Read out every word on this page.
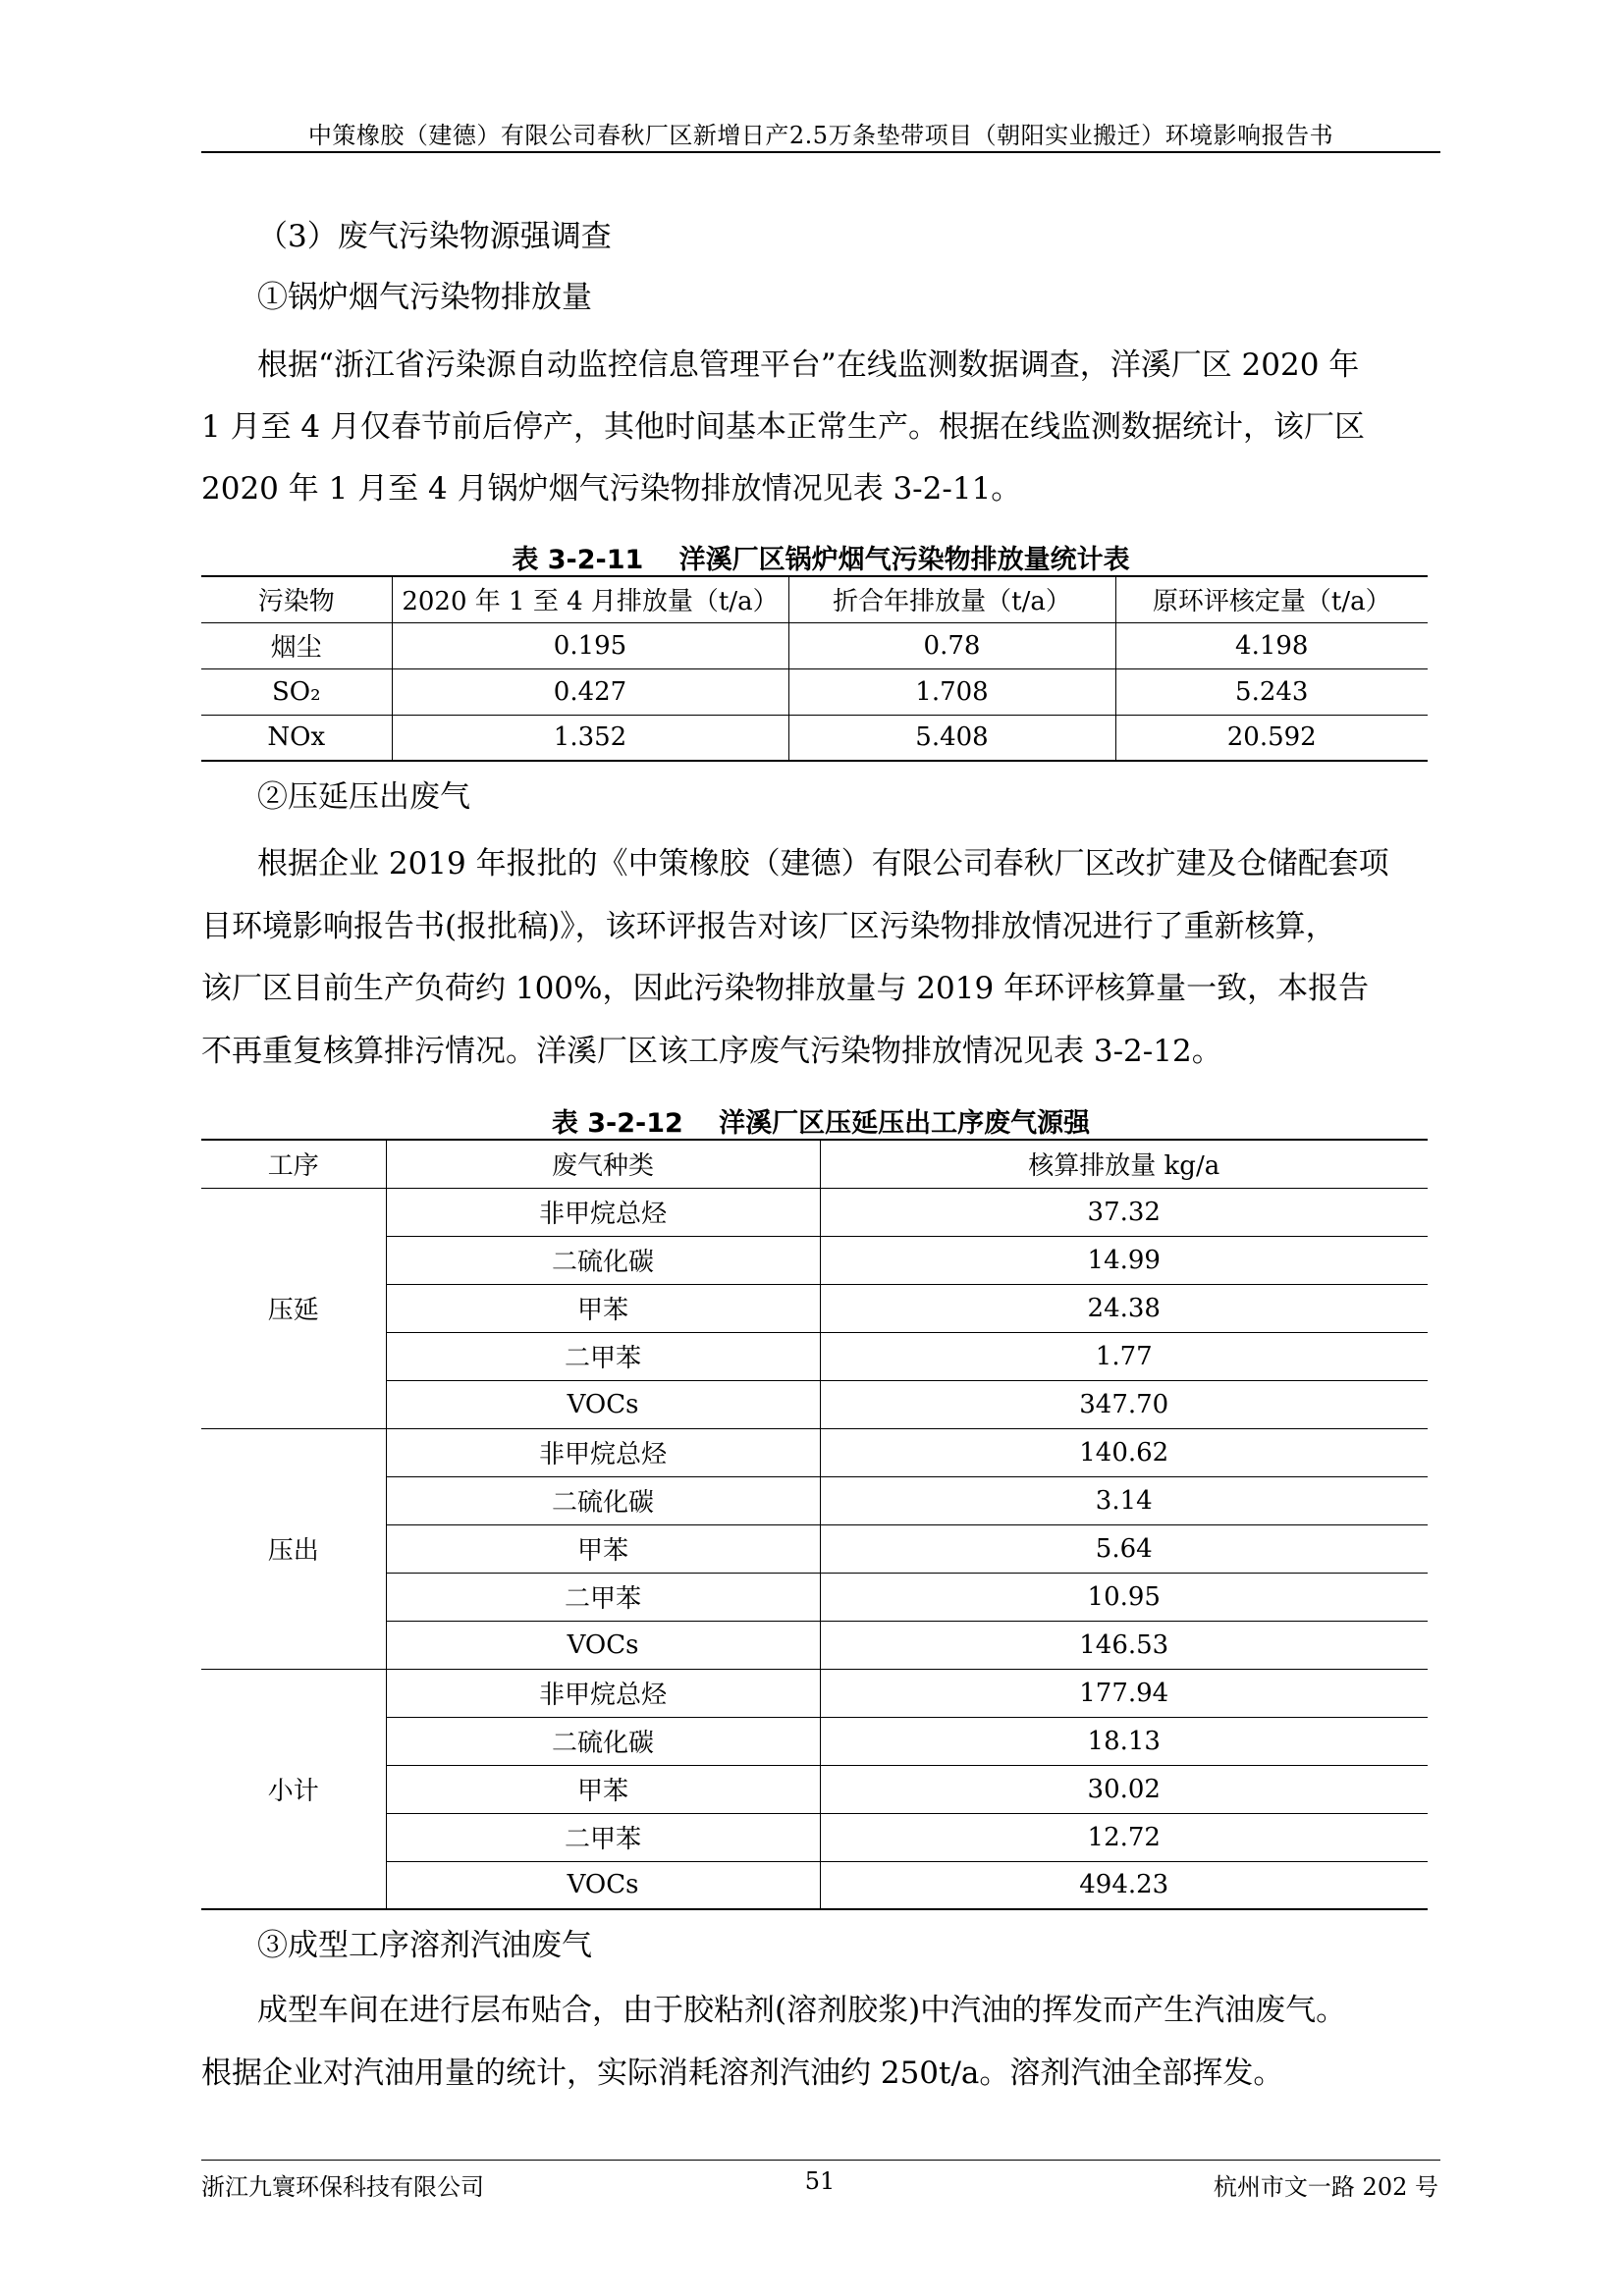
中策橡胶（建德）有限公司春秋厂区新增日产2.5万条垫带项目（朝阳实业搬迁）环境影响报告书
（3）废气污染物源强调查
①锅炉烟气污染物排放量
根据“浙江省污染源自动监控信息管理平台”在线监测数据调查，洋溪厂区 2020 年
1 月至 4 月仅春节前后停产，其他时间基本正常生产。根据在线监测数据统计，该厂区
2020 年 1 月至 4 月锅炉烟气污染物排放情况见表 3-2-11。
表 3-2-11　 洋溪厂区锅炉烟气污染物排放量统计表
污染物	2020 年 1 至 4 月排放量（t/a）	折合年排放量（t/a）	原环评核定量（t/a）
烟尘	0.195	0.78	4.198
SO₂	0.427	1.708	5.243
NOx	1.352	5.408	20.592
②压延压出废气
根据企业 2019 年报批的《中策橡胶（建德）有限公司春秋厂区改扩建及仓储配套项
目环境影响报告书(报批稿)》，该环评报告对该厂区污染物排放情况进行了重新核算，
该厂区目前生产负荷约 100%，因此污染物排放量与 2019 年环评核算量一致，本报告
不再重复核算排污情况。洋溪厂区该工序废气污染物排放情况见表 3-2-12。
表 3-2-12　 洋溪厂区压延压出工序废气源强
工序	废气种类	核算排放量 kg/a
压延	非甲烷总烃	37.32
	二硫化碳	14.99
	甲苯	24.38
	二甲苯	1.77
	VOCs	347.70
压出	非甲烷总烃	140.62
	二硫化碳	3.14
	甲苯	5.64
	二甲苯	10.95
	VOCs	146.53
小计	非甲烷总烃	177.94
	二硫化碳	18.13
	甲苯	30.02
	二甲苯	12.72
	VOCs	494.23
③成型工序溶剂汽油废气
成型车间在进行层布贴合，由于胶粘剂(溶剂胶浆)中汽油的挥发而产生汽油废气。
根据企业对汽油用量的统计，实际消耗溶剂汽油约 250t/a。溶剂汽油全部挥发。
浙江九寰环保科技有限公司	51	杭州市文一路 202 号
